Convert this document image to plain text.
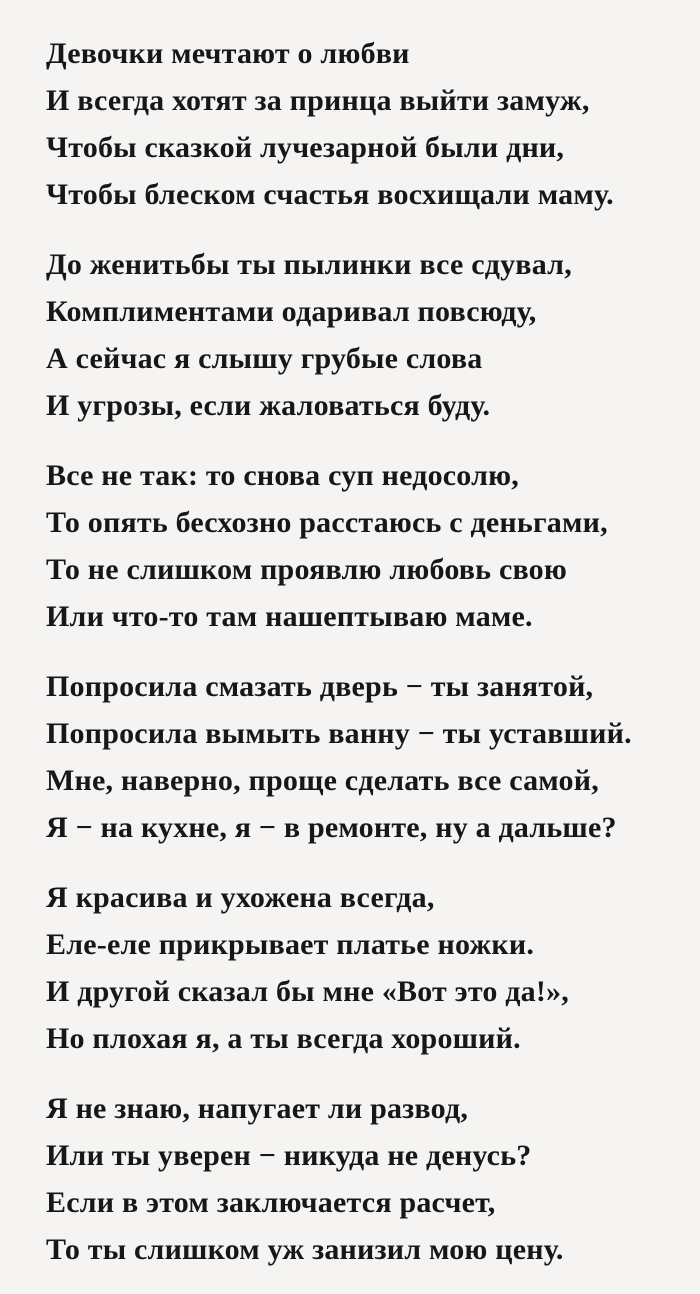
Девочки мечтают о любви

И всегда хотят за принца выйти замуж,

Чтобы сказкой лучезарной были дни,

Чтобы блеском счастья восхищали маму.

До женитьбы ты пылинки все сдувал,

Комплиментами одаривал повсюду,

А сейчас я слышу грубые слова

И угрозы, если жаловаться буду.

Все не так: то снова суп недосолю,

То опять бесхозно расстаюсь с деньгами,

То не слишком проявлю любовь свою

Или что-то там нашептываю маме.

Попросила смазать дверь − ты занятой,

Попросила вымыть ванну − ты уставший.

Мне, наверно, проще сделать все самой,

Я − на кухне, я − в ремонте, ну а дальше?

Я красива и ухожена всегда,

Еле-еле прикрывает платье ножки.

И другой сказал бы мне «Вот это да!»,

Но плохая я, а ты всегда хороший.

Я не знаю, напугает ли развод,

Или ты уверен − никуда не денусь?

Если в этом заключается расчет,

То ты слишком уж занизил мою цену.
